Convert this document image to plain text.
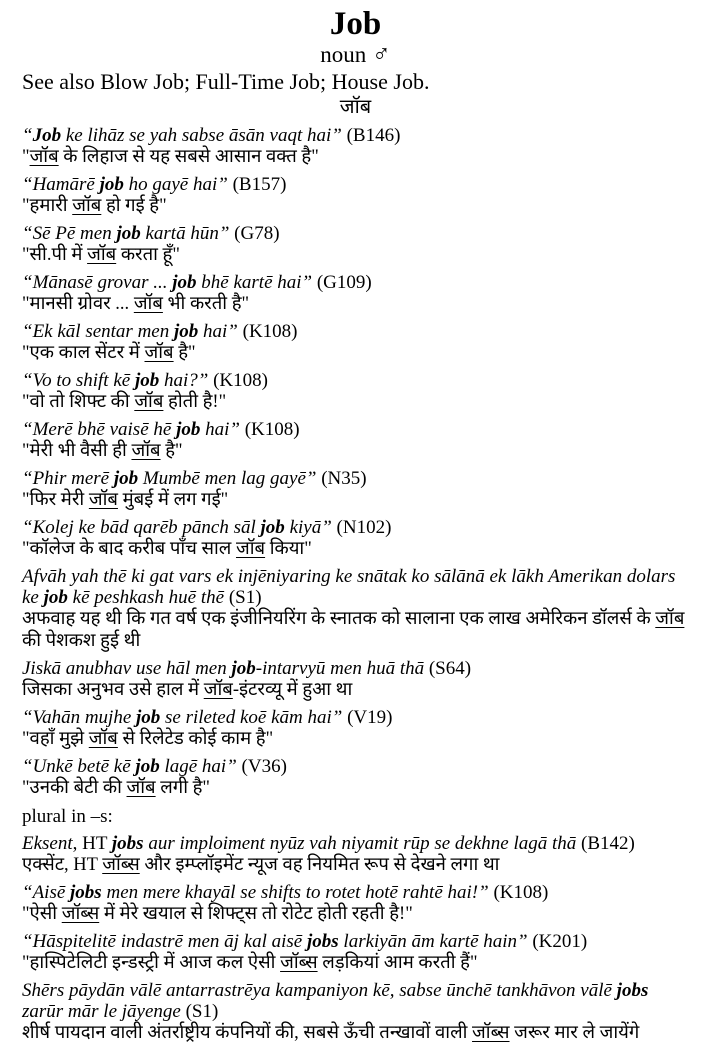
Job
noun ♂
See also Blow Job; Full-Time Job; House Job.
जॉब
“Job ke lihāz se yah sabse āsān vaqt hai” (B146)
"जॉब के लिहाज से यह सबसे आसान वक्त है"
“Hamārē job ho gayē hai” (B157)
"हमारी जॉब हो गई है"
“Sē Pē men job kartā hūn” (G78)
"सी.पी में जॉब करता हूँ"
“Mānasē grovar ... job bhē kartē hai” (G109)
"मानसी ग्रोवर ... जॉब भी करती है"
“Ek kāl sentar men job hai” (K108)
"एक काल सेंटर में जॉब है"
“Vo to shift kē job hai?” (K108)
"वो तो शिफ्ट की जॉब होती है!"
“Merē bhē vaisē hē job hai” (K108)
"मेरी भी वैसी ही जॉब है"
“Phir merē job Mumbē men lag gayē” (N35)
"फिर मेरी जॉब मुंबई में लग गई"
“Kolej ke bād qarēb pānch sāl job kiyā” (N102)
"कॉलेज के बाद करीब पाँच साल जॉब किया"
Afvāh yah thē ki gat vars ek injēniyaring ke snātak ko sālānā ek lākh Amerikan dolars ke job kē peshkash huē thē (S1)
अफवाह यह थी कि गत वर्ष एक इंजीनियरिंग के स्नातक को सालाना एक लाख अमेरिकन डॉलर्स के जॉब की पेशकश हुई थी
Jiskā anubhav use hāl men job-intarvyū men huā thā (S64)
जिसका अनुभव उसे हाल में जॉब-इंटरव्यू में हुआ था
“Vahān mujhe job se rileted koē kām hai” (V19)
"वहाँ मुझे जॉब से रिलेटेड कोई काम है"
“Unkē betē kē job lagē hai” (V36)
"उनकी बेटी की जॉब लगी है"
plural in –s:
Eksent, HT jobs aur imploiment nyūz vah niyamit rūp se dekhne lagā thā (B142)
एक्सेंट, HT जॉब्स और इम्प्लॉइमेंट न्यूज वह नियमित रूप से देखने लगा था
“Aisē jobs men mere khayāl se shifts to rotet hotē rahtē hai!” (K108)
"ऐसी जॉब्स में मेरे खयाल से शिफ्ट्स तो रोटेट होती रहती है!"
“Hāspitelitē indastrē men āj kal aisē jobs larkiyān ām kartē hain” (K201)
"हास्पिटेलिटी इन्डस्ट्री में आज कल ऐसी जॉब्स लड़कियां आम करती हैं"
Shērs pāydān vālē antarrastrēya kampaniyon kē, sabse ūnchē tankhāvon vālē jobs zarūr mār le jāyenge (S1)
शीर्ष पायदान वाली अंतर्राष्ट्रीय कंपनियों की, सबसे ऊँची तन्खावों वाली जॉब्स जरूर मार ले जायेंगे
